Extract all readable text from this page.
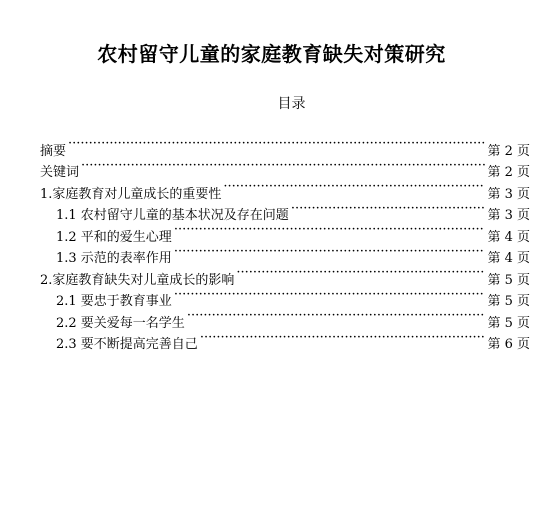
农村留守儿童的家庭教育缺失对策研究
目录
摘要 ·····	第 2 页
关键词 ·····	第 2 页
1.家庭教育对儿童成长的重要性 ·····	第 3 页
1.1 农村留守儿童的基本状况及存在问题 ·····	第 3 页
1.2 平和的爱生心理 ·····	第 4 页
1.3 示范的表率作用 ·····	第 4 页
2.家庭教育缺失对儿童成长的影响 ·····	第 5 页
2.1 要忠于教育事业 ·····	第 5 页
2.2 要关爱每一名学生 ·····	第 5 页
2.3 要不断提高完善自己 ·····	第 6 页
